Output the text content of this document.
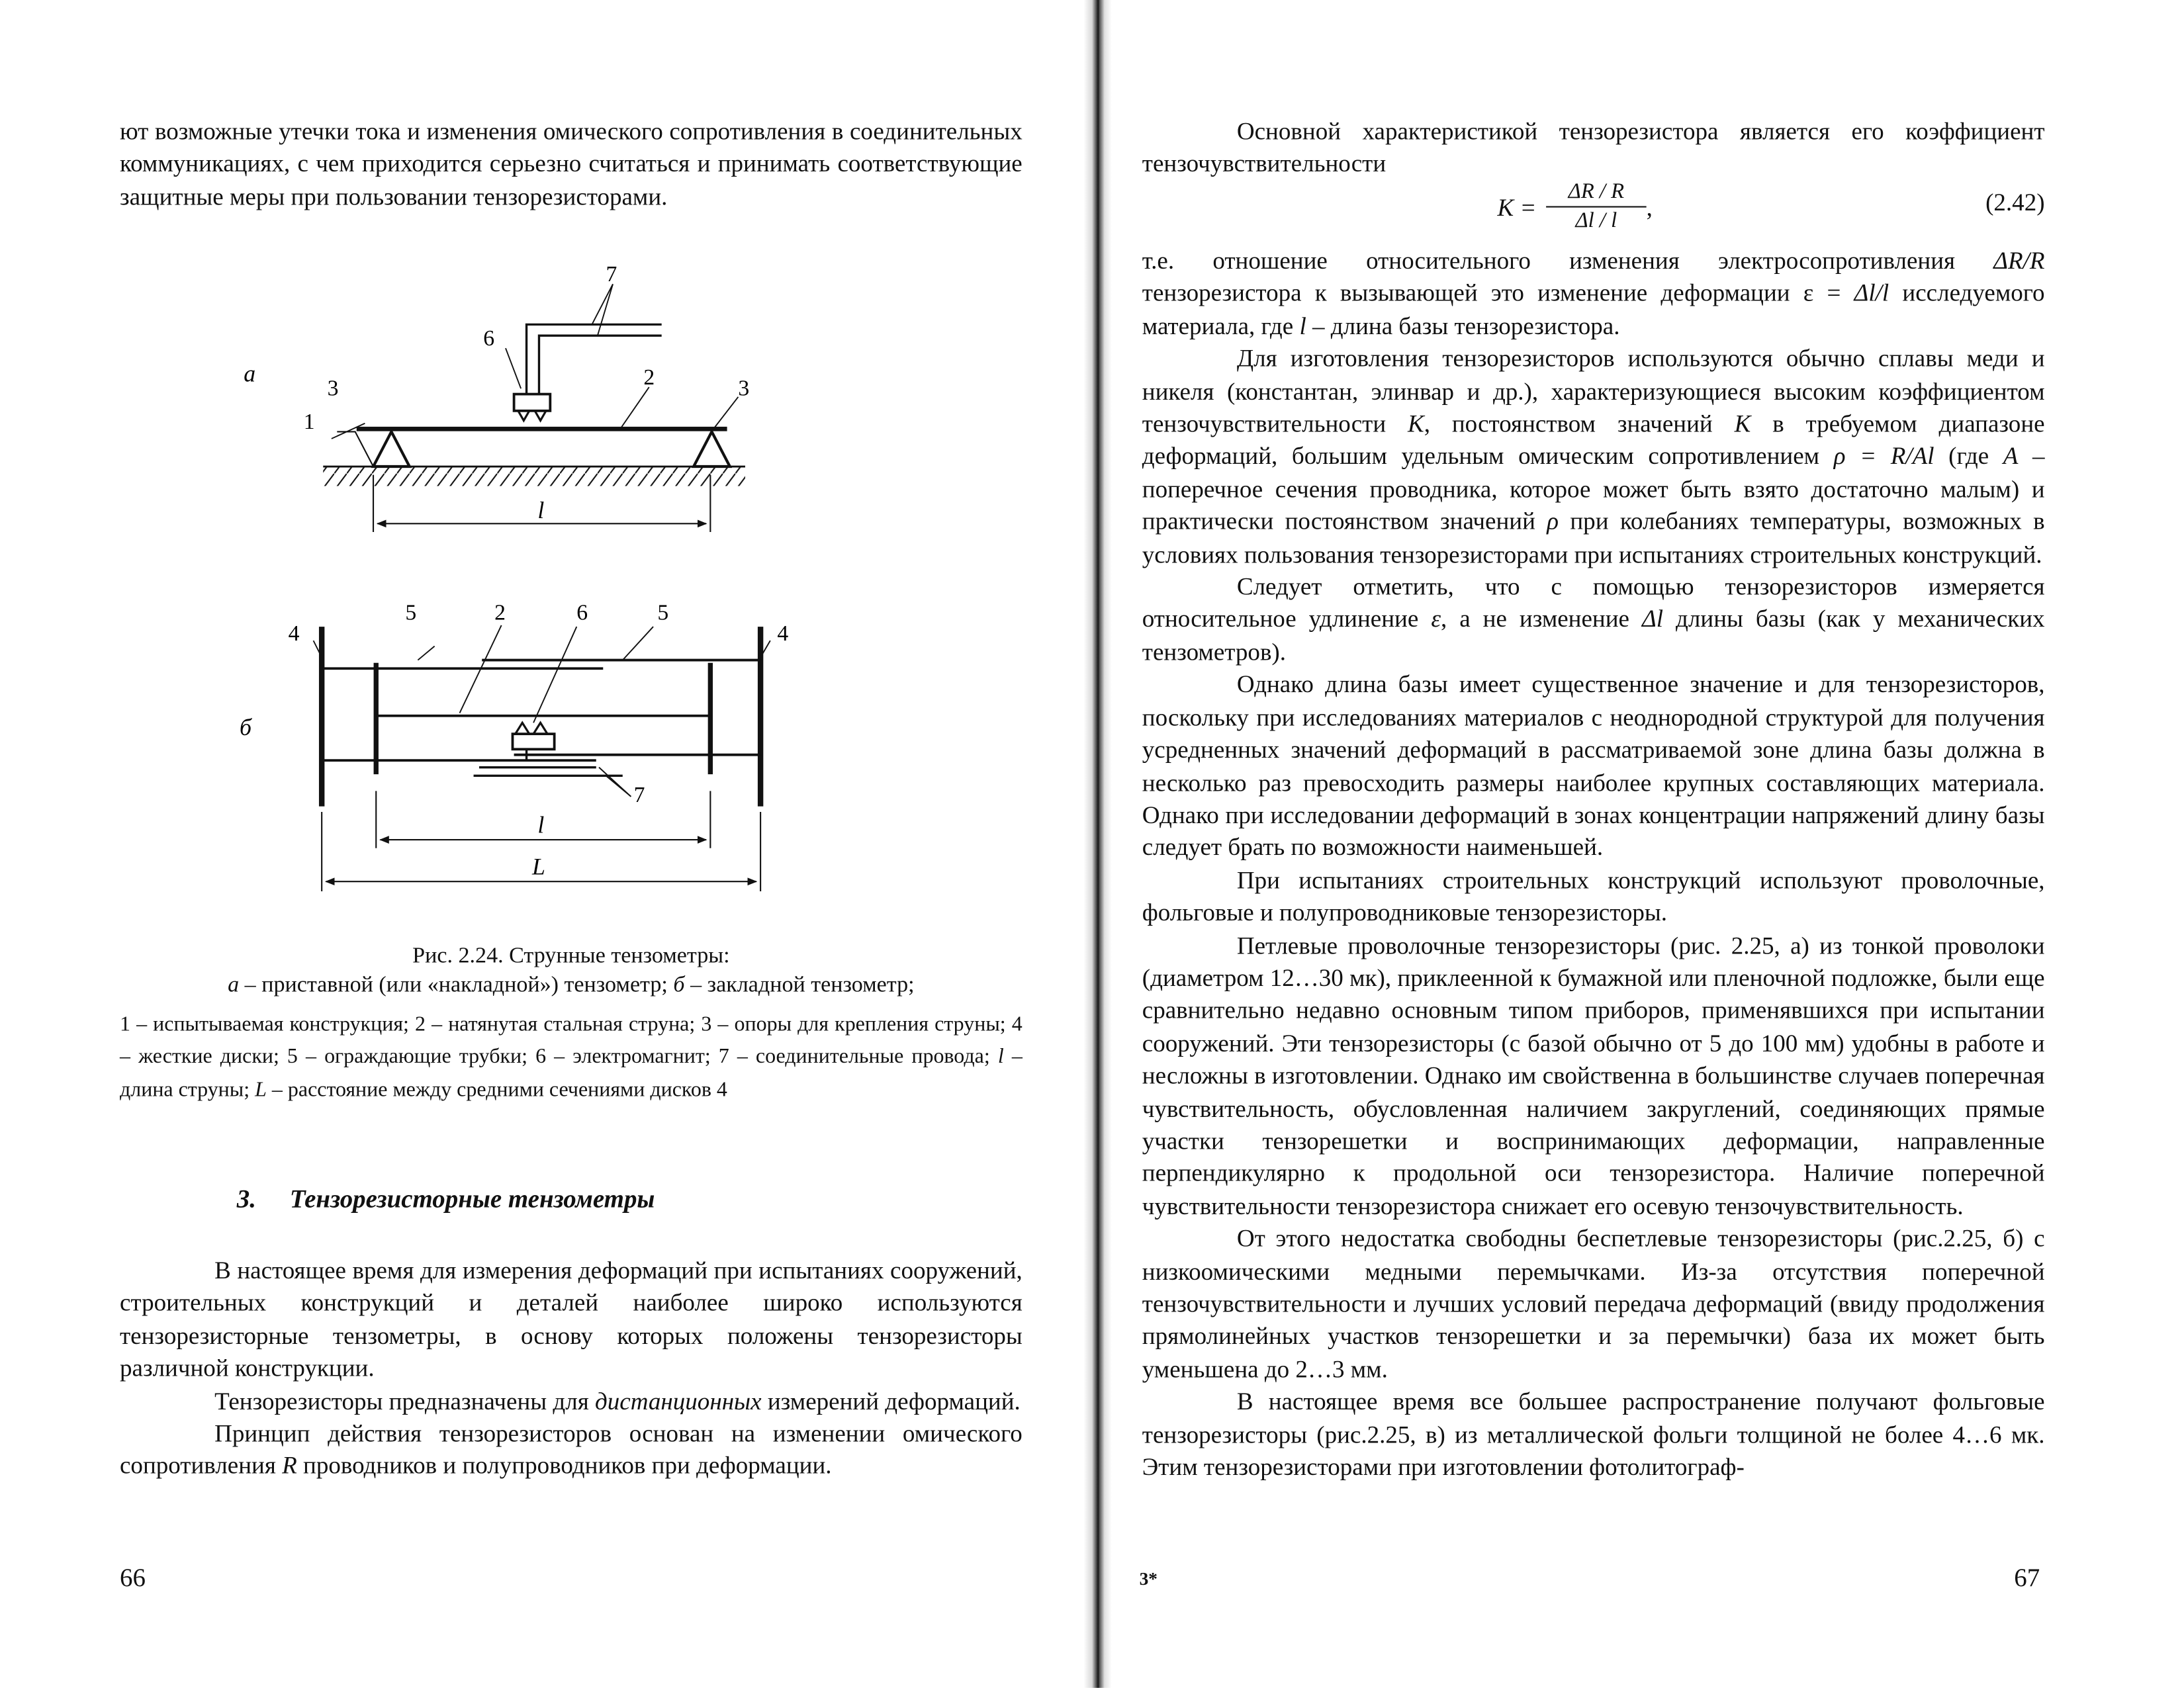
ют возможные утечки тока и изменения омического сопротивления в соединительных коммуникациях, с чем приходится серьезно считаться и принимать соответствующие защитные меры при пользовании тензорезисторами.

а
l
1
2
3	3
6
7
б
l
L
4	4
5	5
2	6
7
Рис. 2.24. Струнные тензометры:
а – приставной (или «накладной») тензометр; б – закладной тензометр;
1 – испытываемая конструкция; 2 – натянутая стальная струна; 3 – опоры для крепления струны; 4 – жесткие диски; 5 – ограждающие трубки; 6 – электромагнит; 7 – соединительные провода; l – длина струны; L – расстояние между средними сечениями дисков 4
3.	Тензорезисторные тензометры

В настоящее время для измерения деформаций при испытаниях сооружений, строительных конструкций и деталей наиболее широко используются тензорезисторные тензометры, в основу которых положены тензорезисторы различной конструкции.

Тензорезисторы предназначены для дистанционных измерений деформаций.

Принцип действия тензорезисторов основан на изменении омического сопротивления R проводников и полупроводников при деформации.

66

Основной характеристикой тензорезистора является его коэффициент тензочувствительности

$K = \frac{\Delta R / R}{\Delta l / l}$ ,	(2.42)

т.е. отношение относительного изменения электросопротивления ΔR/R тензорезистора к вызывающей это изменение деформации ε = Δl/l исследуемого материала, где l – длина базы тензорезистора.

Для изготовления тензорезисторов используются обычно сплавы меди и никеля (константан, элинвар и др.), характеризующиеся высоким коэффициентом тензочувствительности K, постоянством значений K в требуемом диапазоне деформаций, большим удельным омическим сопротивлением ρ = R/Al (где A – поперечное сечения проводника, которое может быть взято достаточно малым) и практически постоянством значений ρ при колебаниях температуры, возможных в условиях пользования тензорезисторами при испытаниях строительных конструкций.

Следует отметить, что с помощью тензорезисторов измеряется относительное удлинение ε, а не изменение Δl длины базы (как у механических тензометров).

Однако длина базы имеет существенное значение и для тензорезисторов, поскольку при исследованиях материалов с неоднородной структурой для получения усредненных значений деформаций в рассматриваемой зоне длина базы должна в несколько раз превосходить размеры наиболее крупных составляющих материала. Однако при исследовании деформаций в зонах концентрации напряжений длину базы следует брать по возможности наименьшей.

При испытаниях строительных конструкций используют проволочные, фольговые и полупроводниковые тензорезисторы.

Петлевые проволочные тензорезисторы (рис. 2.25, а) из тонкой проволоки (диаметром 12…30 мк), приклеенной к бумажной или пленочной подложке, были еще сравнительно недавно основным типом приборов, применявшихся при испытании сооружений. Эти тензорезисторы (с базой обычно от 5 до 100 мм) удобны в работе и несложны в изготовлении. Однако им свойственна в большинстве случаев поперечная чувствительность, обусловленная наличием закруглений, соединяющих прямые участки тензорешетки и воспринимающих деформации, направленные перпендикулярно к продольной оси тензорезистора. Наличие поперечной чувствительности тензорезистора снижает его осевую тензочувствительность.

От этого недостатка свободны беспетлевые тензорезисторы (рис.2.25, б) с низкоомическими медными перемычками. Из-за отсутствия поперечной тензочувствительности и лучших условий передача деформаций (ввиду продолжения прямолинейных участков тензорешетки и за перемычки) база их может быть уменьшена до 2…3 мм.

В настоящее время все большее распространение получают фольговые тензорезисторы (рис.2.25, в) из металлической фольги толщиной не более 4…6 мк. Этим тензорезисторами при изготовлении фотолитограф-

3*	67
